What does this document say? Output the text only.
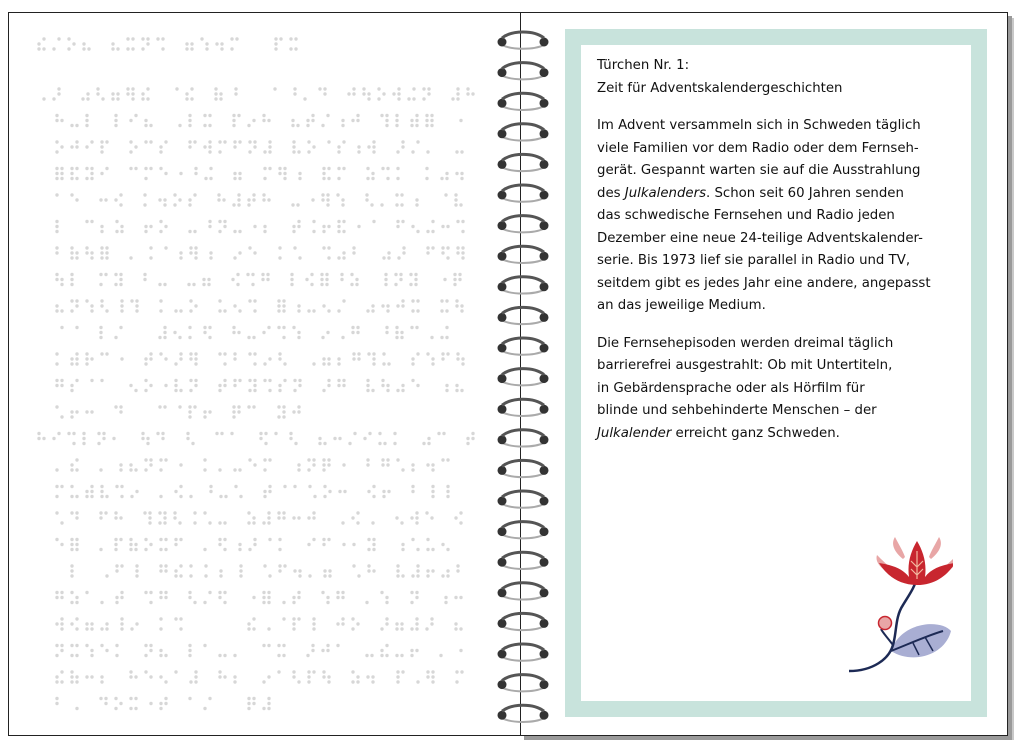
Türchen Nr. 1:
Zeit für Adventskalendergeschichten

Im Advent versammeln sich in Schweden täglich
viele Familien vor dem Radio oder dem Fernseh-
gerät. Gespannt warten sie auf die Ausstrahlung
des Julkalenders. Schon seit 60 Jahren senden
das schwedische Fernsehen und Radio jeden
Dezember eine neue 24-teilige Adventskalender-
serie. Bis 1973 lief sie parallel in Radio und TV,
seitdem gibt es jedes Jahr eine andere, angepasst
an das jeweilige Medium.

Die Fernsehepisoden werden dreimal täglich
barrierefrei ausgestrahlt: Ob mit Untertiteln,
in Gebärdensprache oder als Hörfilm für
blinde und sehbehinderte Menschen – der
Julkalender erreicht ganz Schweden.
